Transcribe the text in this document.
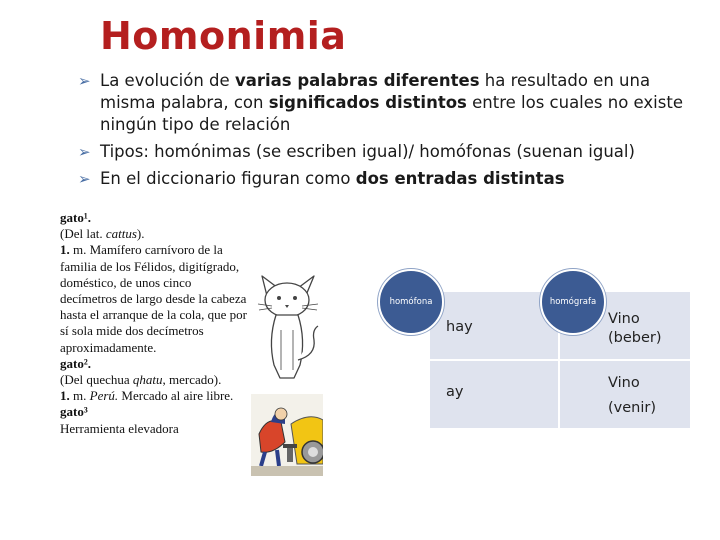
Homonimia
➢ La evolución de varias palabras diferentes ha resultado en una misma palabra, con significados distintos entre los cuales no existe ningún tipo de relación
➢ Tipos: homónimas (se escriben igual)/ homófonas (suenan igual)
➢ En el diccionario figuran como dos entradas distintas
gato¹.
(Del lat. cattus).
1. m. Mamífero carnívoro de la familia de los Félidos, digitígrado, doméstico, de unos cinco decímetros de largo desde la cabeza hasta el arranque de la cola, que por sí sola mide dos decímetros aproximadamente.
gato².
(Del quechua qhatu, mercado).
1. m. Perú. Mercado al aire libre.
gato³
Herramienta elevadora
hay
ay
Vino
(beber)
Vino
(venir)
homófona	homógrafa
